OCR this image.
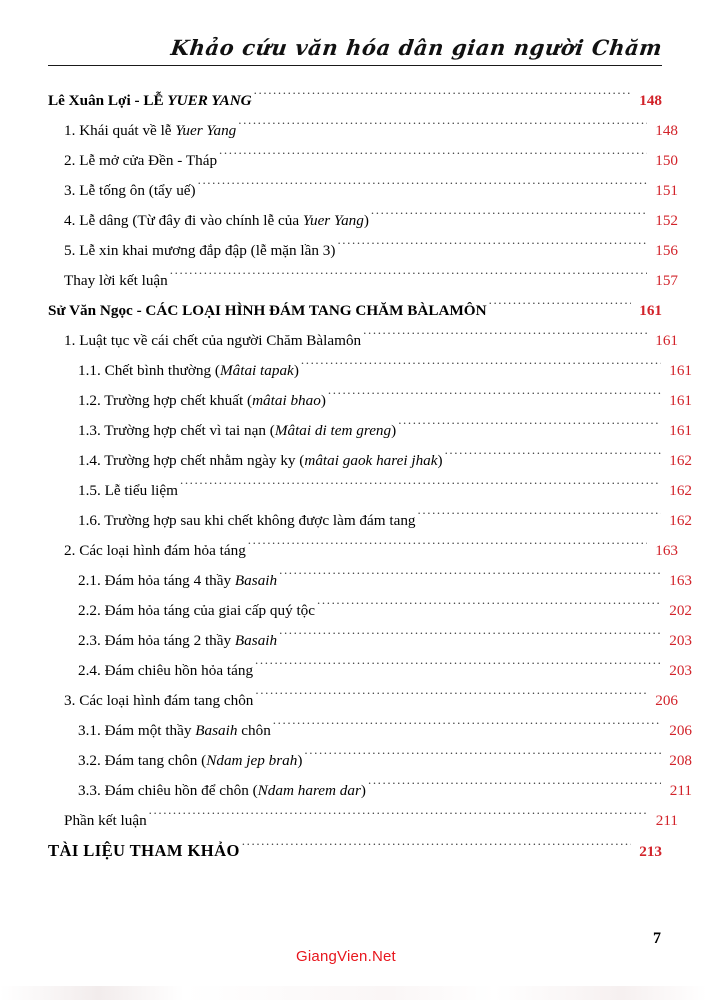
Khảo cứu văn hóa dân gian người Chăm
Lê Xuân Lợi - LỄ YUER YANG .....	148
1. Khái quát về lễ Yuer Yang .....	148
2. Lễ mở cửa Đền - Tháp .....	150
3. Lễ tống ôn (tẩy uế) .....	151
4. Lễ dâng (Từ đây đi vào chính lễ của Yuer Yang) .....	152
5. Lễ xin khai mương đắp đập (lễ mặn lần 3) .....	156
Thay lời kết luận .....	157
Sử Văn Ngọc - CÁC LOẠI HÌNH ĐÁM TANG CHĂM BÀLAMÔN .....	161
1. Luật tục về cái chết của người Chăm Bàlamôn .....	161
1.1. Chết bình thường (Mâtai tapak) .....	161
1.2. Trường hợp chết khuất (mâtai bhao) .....	161
1.3. Trường hợp chết vì tai nạn (Mâtai di tem greng) .....	161
1.4. Trường hợp chết nhằm ngày ky (mâtai gaok harei jhak) .....	162
1.5. Lễ tiểu liệm .....	162
1.6. Trường hợp sau khi chết không được làm đám tang .....	162
2. Các loại hình đám hỏa táng .....	163
2.1. Đám hỏa táng 4 thầy Basaih .....	163
2.2. Đám hỏa táng của giai cấp quý tộc .....	202
2.3. Đám hỏa táng 2 thầy Basaih .....	203
2.4. Đám chiêu hồn hỏa táng .....	203
3. Các loại hình đám tang chôn .....	206
3.1. Đám một thầy Basaih chôn .....	206
3.2. Đám tang chôn (Ndam jep brah) .....	208
3.3. Đám chiêu hồn để chôn (Ndam harem dar) .....	211
Phần kết luận .....	211
TÀI LIỆU THAM KHẢO .....	213
7
GiangVien.Net
